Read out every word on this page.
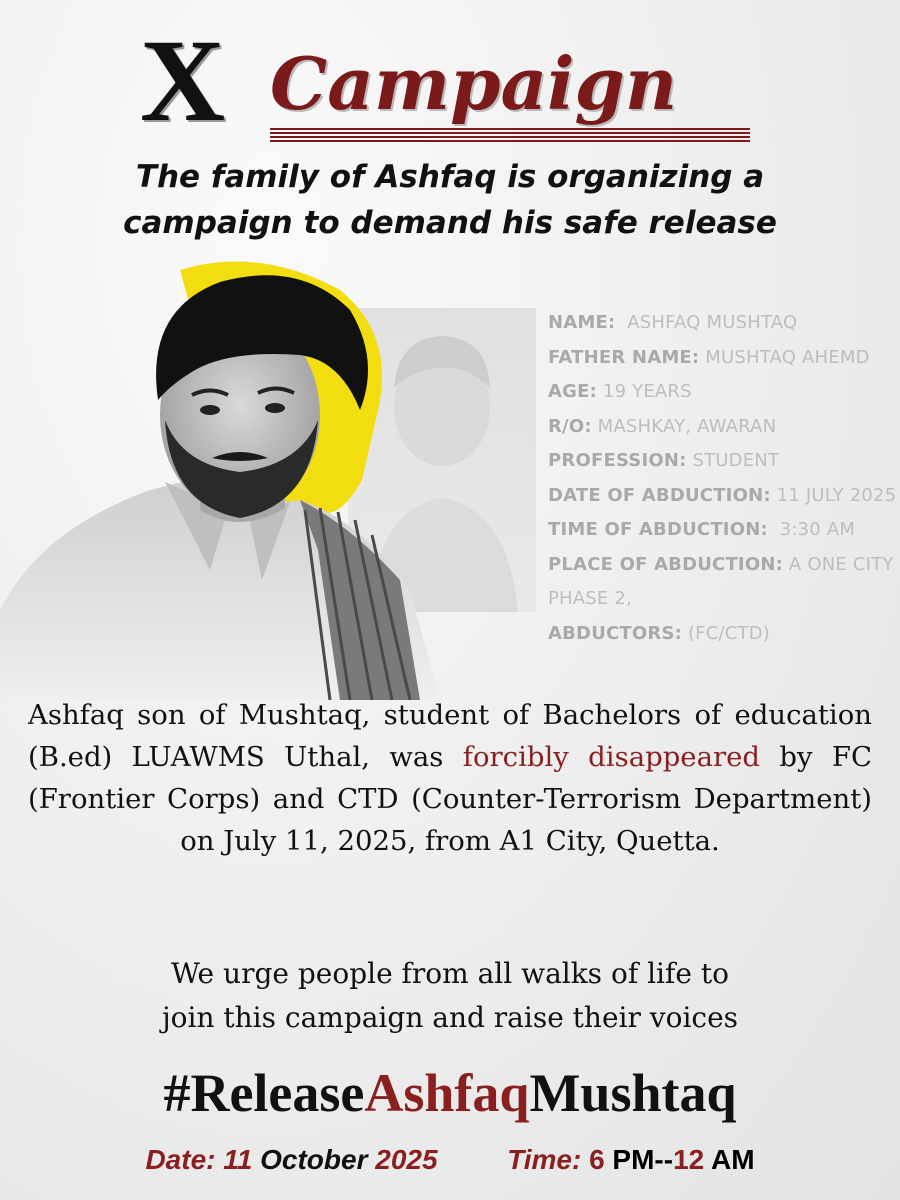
X Campaign
The family of Ashfaq is organizing a
campaign to demand his safe release
NAME: ASHFAQ MUSHTAQ
FATHER NAME: MUSHTAQ AHEMD
AGE: 19 YEARS
R/O: MASHKAY, AWARAN
PROFESSION: STUDENT
DATE OF ABDUCTION: 11 JULY 2025
TIME OF ABDUCTION: 3:30 AM
PLACE OF ABDUCTION: A ONE CITY PHASE 2,
ABDUCTORS: (FC/CTD)
Ashfaq son of Mushtaq, student of Bachelors of education (B.ed) LUAWMS Uthal, was forcibly disappeared by FC (Frontier Corps) and CTD (Counter-Terrorism Department) on July 11, 2025, from A1 City, Quetta.
We urge people from all walks of life to
join this campaign and raise their voices
#ReleaseAshfaqMushtaq
Date: 11 October 2025 Time: 6 PM--12 AM
